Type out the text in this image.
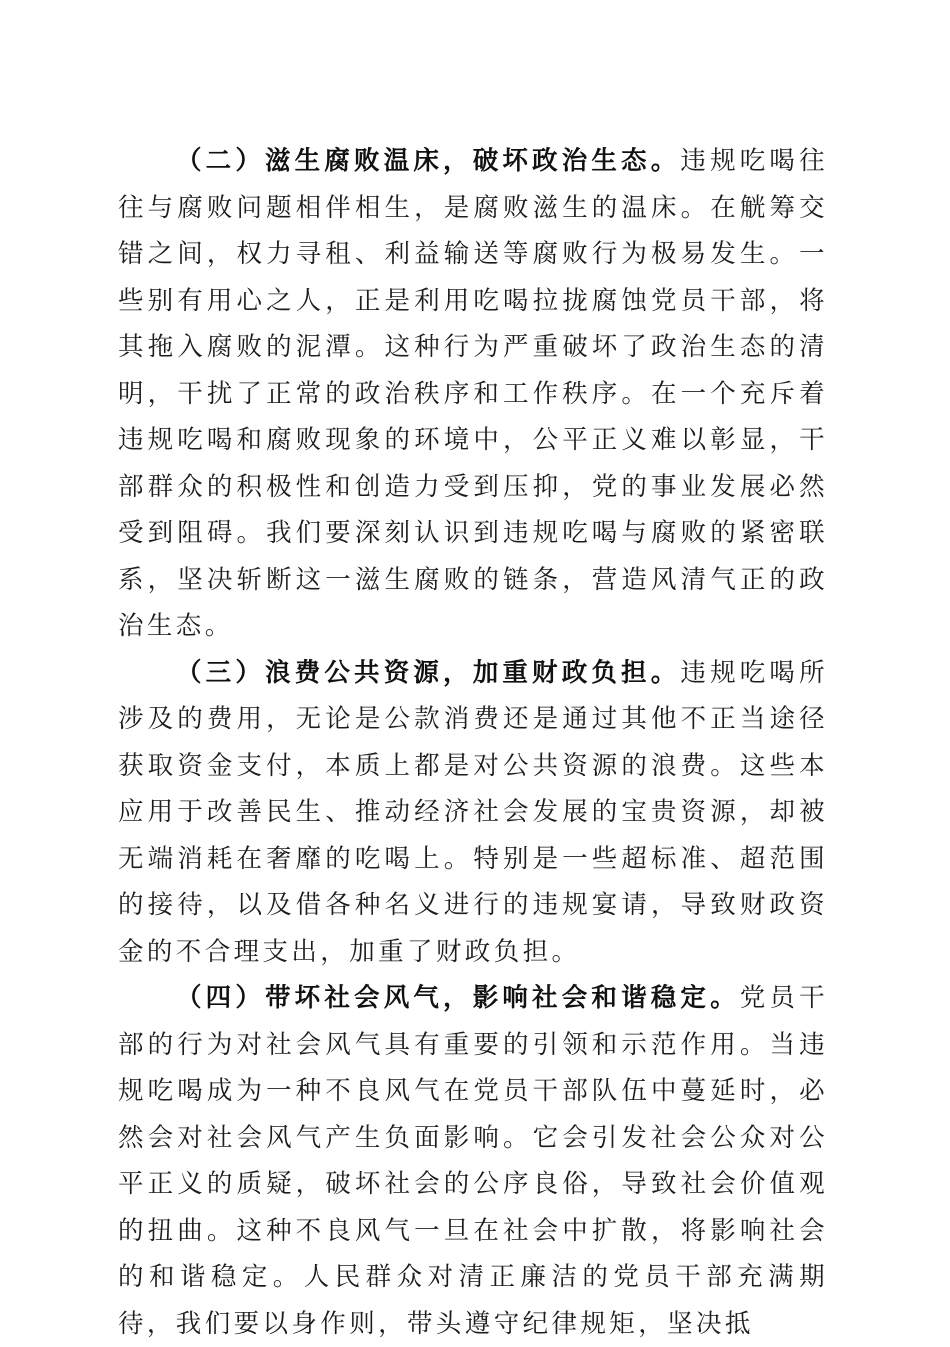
（二）滋生腐败温床，破坏政治生态。违规吃喝往往与腐败问题相伴相生，是腐败滋生的温床。在觥筹交错之间，权力寻租、利益输送等腐败行为极易发生。一些别有用心之人，正是利用吃喝拉拢腐蚀党员干部，将其拖入腐败的泥潭。这种行为严重破坏了政治生态的清明，干扰了正常的政治秩序和工作秩序。在一个充斥着违规吃喝和腐败现象的环境中，公平正义难以彰显，干部群众的积极性和创造力受到压抑，党的事业发展必然受到阻碍。我们要深刻认识到违规吃喝与腐败的紧密联系，坚决斩断这一滋生腐败的链条，营造风清气正的政治生态。

（三）浪费公共资源，加重财政负担。违规吃喝所涉及的费用，无论是公款消费还是通过其他不正当途径获取资金支付，本质上都是对公共资源的浪费。这些本应用于改善民生、推动经济社会发展的宝贵资源，却被无端消耗在奢靡的吃喝上。特别是一些超标准、超范围的接待，以及借各种名义进行的违规宴请，导致财政资金的不合理支出，加重了财政负担。

（四）带坏社会风气，影响社会和谐稳定。党员干部的行为对社会风气具有重要的引领和示范作用。当违规吃喝成为一种不良风气在党员干部队伍中蔓延时，必然会对社会风气产生负面影响。它会引发社会公众对公平正义的质疑，破坏社会的公序良俗，导致社会价值观的扭曲。这种不良风气一旦在社会中扩散，将影响社会的和谐稳定。人民群众对清正廉洁的党员干部充满期待，我们要以身作则，带头遵守纪律规矩，坚决抵
